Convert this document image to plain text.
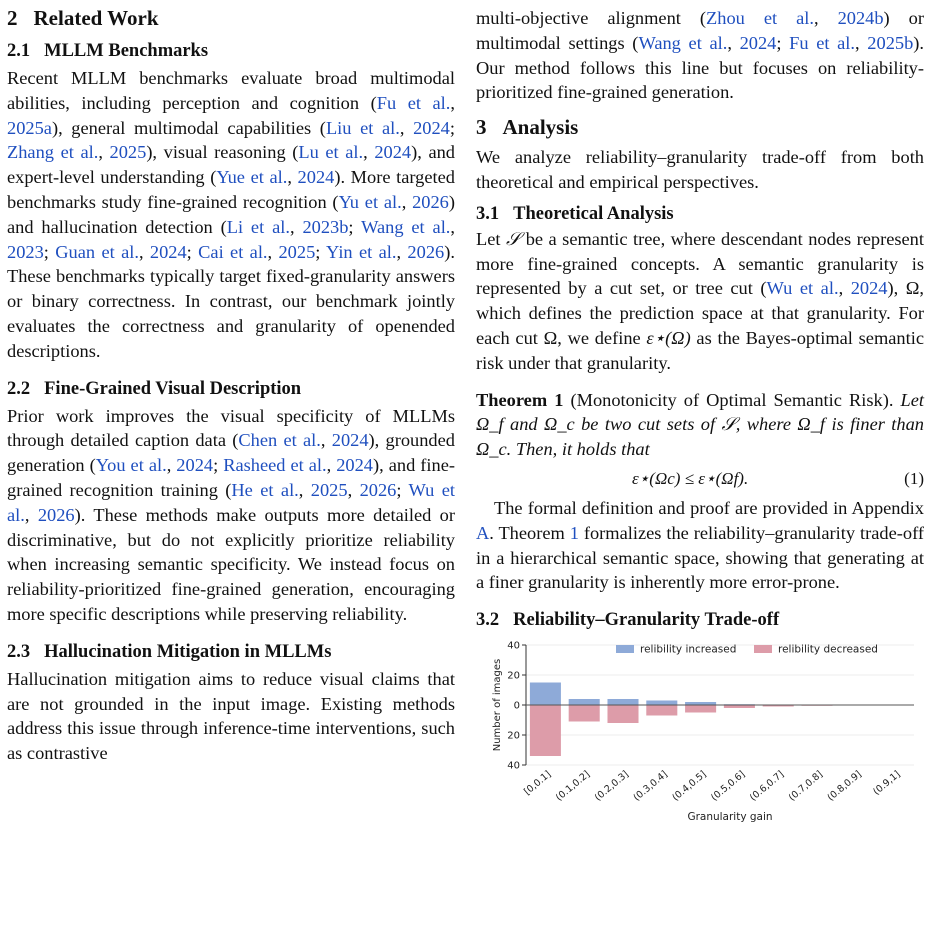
2 Related Work
2.1 MLLM Benchmarks

Recent MLLM benchmarks evaluate broad multimodal abilities, including perception and cognition (Fu et al., 2025a), general multimodal capabilities (Liu et al., 2024; Zhang et al., 2025), visual reasoning (Lu et al., 2024), and expert-level understanding (Yue et al., 2024). More targeted benchmarks study fine-grained recognition (Yu et al., 2026) and hallucination detection (Li et al., 2023b; Wang et al., 2023; Guan et al., 2024; Cai et al., 2025; Yin et al., 2026). These benchmarks typically target fixed-granularity answers or binary correctness. In contrast, our benchmark jointly evaluates the correctness and granularity of openended descriptions.

2.2 Fine-Grained Visual Description

Prior work improves the visual specificity of MLLMs through detailed caption data (Chen et al., 2024), grounded generation (You et al., 2024; Rasheed et al., 2024), and fine-grained recognition training (He et al., 2025, 2026; Wu et al., 2026). These methods make outputs more detailed or discriminative, but do not explicitly prioritize reliability when increasing semantic specificity. We instead focus on reliability-prioritized fine-grained generation, encouraging more specific descriptions while preserving reliability.

2.3 Hallucination Mitigation in MLLMs

Hallucination mitigation aims to reduce visual claims that are not grounded in the input image. Existing methods address this issue through inference-time interventions, such as contrastive

multi-objective alignment (Zhou et al., 2024b) or multimodal settings (Wang et al., 2024; Fu et al., 2025b). Our method follows this line but focuses on reliability-prioritized fine-grained generation.

3 Analysis

We analyze reliability–granularity trade-off from both theoretical and empirical perspectives.

3.1 Theoretical Analysis

Let 𝒮 be a semantic tree, where descendant nodes represent more fine-grained concepts. A semantic granularity is represented by a cut set, or tree cut (Wu et al., 2024), Ω, which defines the prediction space at that granularity. For each cut Ω, we define ε⋆(Ω) as the Bayes-optimal semantic risk under that granularity.

Theorem 1 (Monotonicity of Optimal Semantic Risk). Let Ω_f and Ω_c be two cut sets of 𝒮, where Ω_f is finer than Ω_c. Then, it holds that

ε⋆(Ωc) ≤ ε⋆(Ωf).	(1)

The formal definition and proof are provided in Appendix A. Theorem 1 formalizes the reliability–granularity trade-off in a hierarchical semantic space, showing that generating at a finer granularity is inherently more error-prone.

3.2 Reliability–Granularity Trade-off
40
20
0
20
40
Number of images
[0,0.1] (0.1,0.2] (0.2,0.3] (0.3,0.4] (0.4,0.5] (0.5,0.6] (0.6,0.7] (0.7,0.8] (0.8,0.9] (0.9,1]
Granularity gain
relibility increased	relibility decreased
